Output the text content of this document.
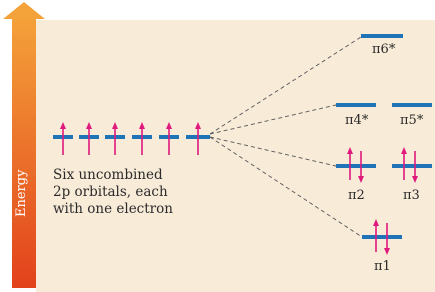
Energy Six uncombined
2p orbitals, each
with one electron
π6*
π4* π5*
π2	π3
π1
